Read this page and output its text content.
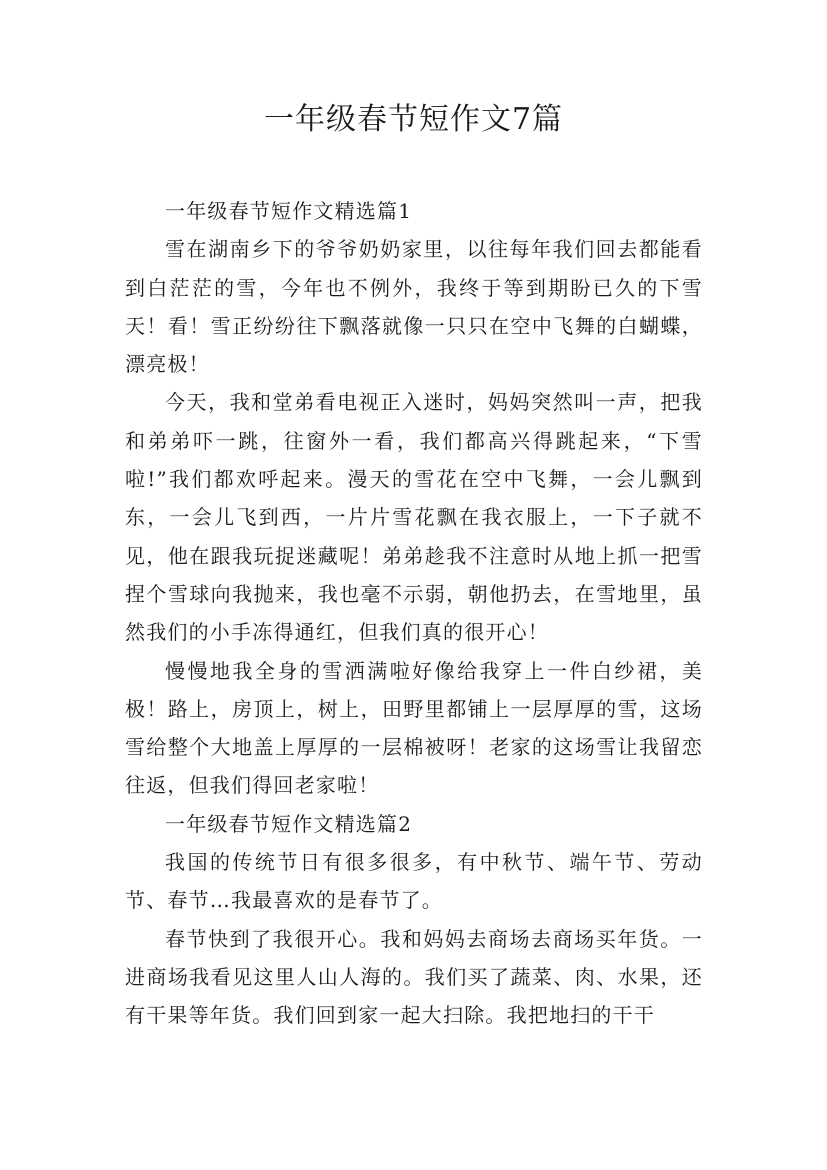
一年级春节短作文7篇

一年级春节短作文精选篇1

雪在湖南乡下的爷爷奶奶家里，以往每年我们回去都能看到白茫茫的雪，今年也不例外，我终于等到期盼已久的下雪天！看！雪正纷纷往下飘落就像一只只在空中飞舞的白蝴蝶，漂亮极！

今天，我和堂弟看电视正入迷时，妈妈突然叫一声，把我和弟弟吓一跳，往窗外一看，我们都高兴得跳起来，“下雪啦!”我们都欢呼起来。漫天的雪花在空中飞舞，一会儿飘到东，一会儿飞到西，一片片雪花飘在我衣服上，一下子就不见，他在跟我玩捉迷藏呢！弟弟趁我不注意时从地上抓一把雪捏个雪球向我抛来，我也毫不示弱，朝他扔去，在雪地里，虽然我们的小手冻得通红，但我们真的很开心！

慢慢地我全身的雪洒满啦好像给我穿上一件白纱裙，美极！路上，房顶上，树上，田野里都铺上一层厚厚的雪，这场雪给整个大地盖上厚厚的一层棉被呀！老家的这场雪让我留恋往返，但我们得回老家啦！

一年级春节短作文精选篇2

我国的传统节日有很多很多，有中秋节、端午节、劳动节、春节…我最喜欢的是春节了。

春节快到了我很开心。我和妈妈去商场去商场买年货。一进商场我看见这里人山人海的。我们买了蔬菜、肉、水果，还有干果等年货。我们回到家一起大扫除。我把地扫的干干
